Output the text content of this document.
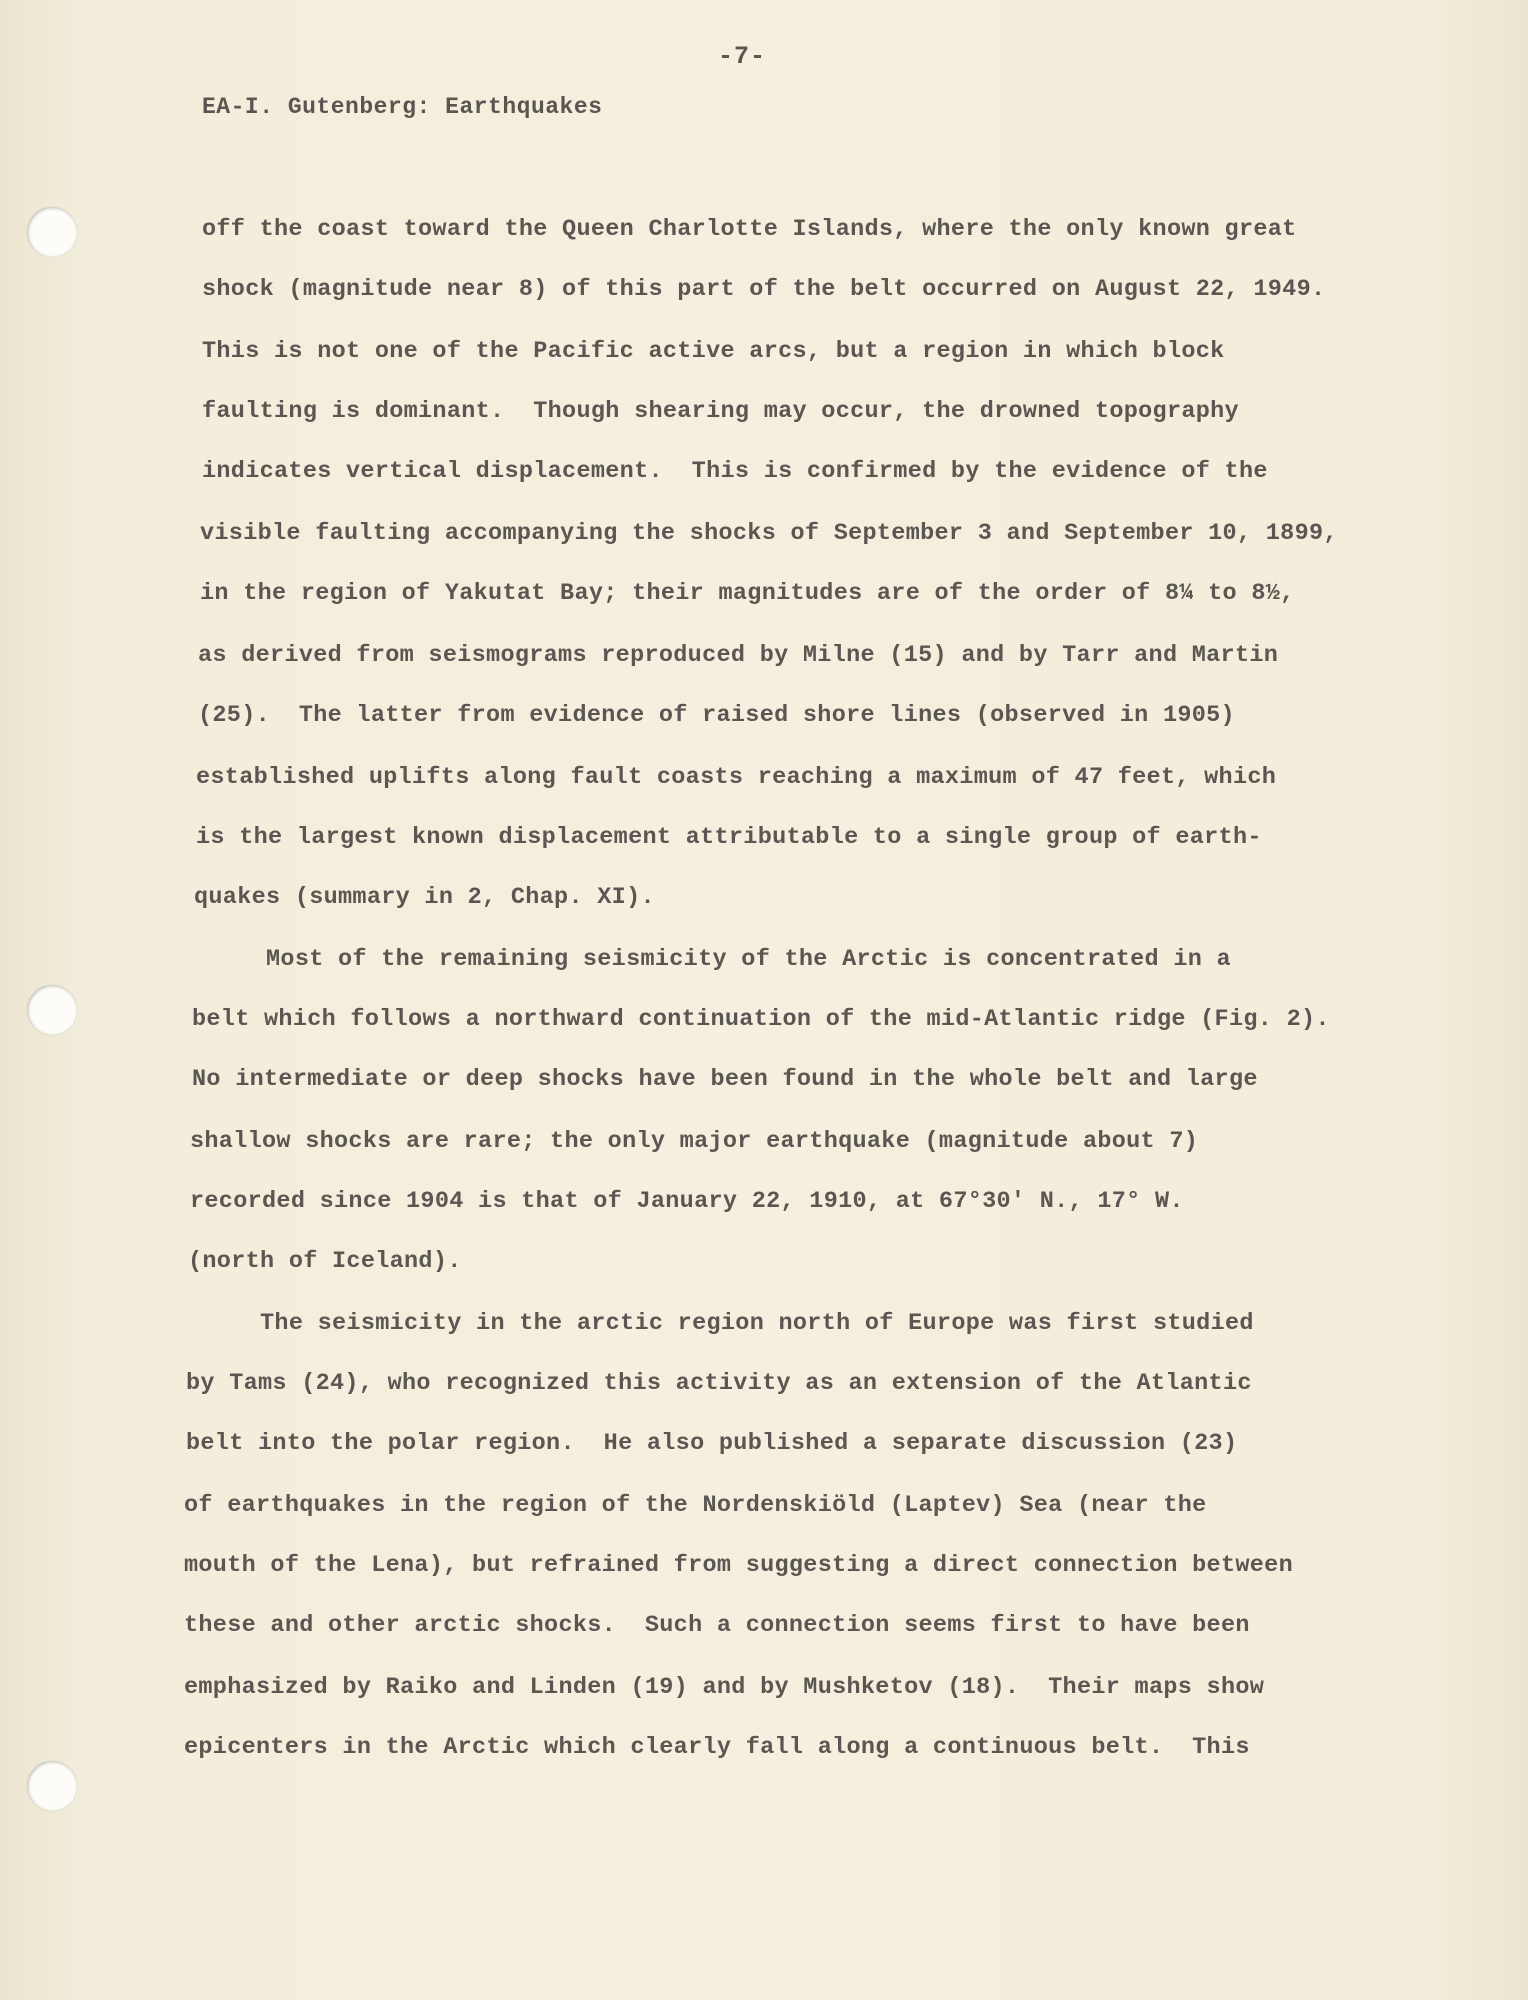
-7-
EA-I. Gutenberg: Earthquakes
off the coast toward the Queen Charlotte Islands, where the only known great
shock (magnitude near 8) of this part of the belt occurred on August 22, 1949.
This is not one of the Pacific active arcs, but a region in which block
faulting is dominant.  Though shearing may occur, the drowned topography
indicates vertical displacement.  This is confirmed by the evidence of the
visible faulting accompanying the shocks of September 3 and September 10, 1899,
in the region of Yakutat Bay; their magnitudes are of the order of 8¼ to 8½,
as derived from seismograms reproduced by Milne (15) and by Tarr and Martin
(25).  The latter from evidence of raised shore lines (observed in 1905)
established uplifts along fault coasts reaching a maximum of 47 feet, which
is the largest known displacement attributable to a single group of earth-
quakes (summary in 2, Chap. XI).
Most of the remaining seismicity of the Arctic is concentrated in a
belt which follows a northward continuation of the mid-Atlantic ridge (Fig. 2).
No intermediate or deep shocks have been found in the whole belt and large
shallow shocks are rare; the only major earthquake (magnitude about 7)
recorded since 1904 is that of January 22, 1910, at 67°30' N., 17° W.
(north of Iceland).
The seismicity in the arctic region north of Europe was first studied
by Tams (24), who recognized this activity as an extension of the Atlantic
belt into the polar region.  He also published a separate discussion (23)
of earthquakes in the region of the Nordenskiöld (Laptev) Sea (near the
mouth of the Lena), but refrained from suggesting a direct connection between
these and other arctic shocks.  Such a connection seems first to have been
emphasized by Raiko and Linden (19) and by Mushketov (18).  Their maps show
epicenters in the Arctic which clearly fall along a continuous belt.  This
